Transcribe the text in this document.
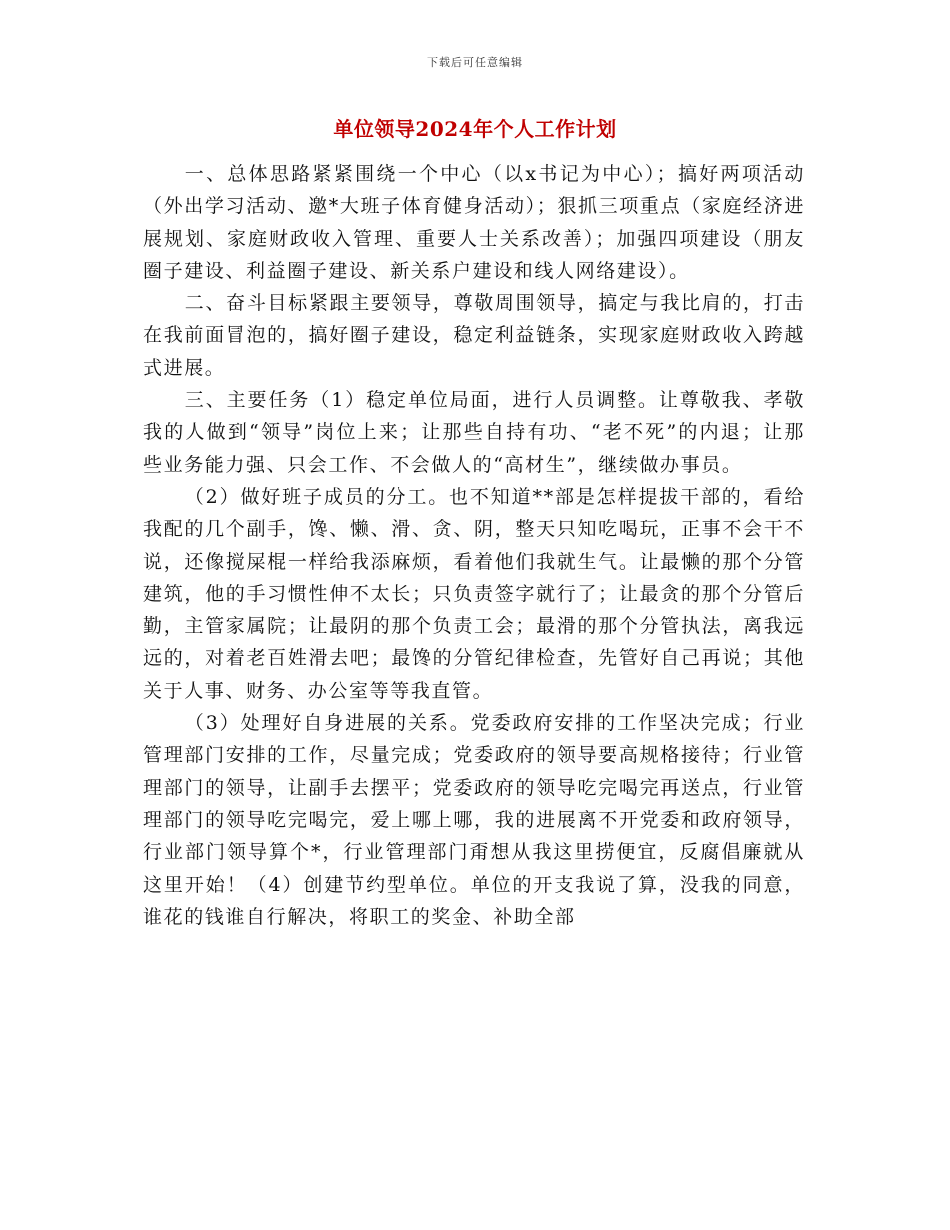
下载后可任意编辑
单位领导2024年个人工作计划

一、总体思路紧紧围绕一个中心（以x书记为中心）；搞好两项活动（外出学习活动、邀*大班子体育健身活动）；狠抓三项重点（家庭经济进展规划、家庭财政收入管理、重要人士关系改善）；加强四项建设（朋友圈子建设、利益圈子建设、新关系户建设和线人网络建设）。

二、奋斗目标紧跟主要领导，尊敬周围领导，搞定与我比肩的，打击在我前面冒泡的，搞好圈子建设，稳定利益链条，实现家庭财政收入跨越式进展。

三、主要任务（1）稳定单位局面，进行人员调整。让尊敬我、孝敬我的人做到“领导”岗位上来；让那些自持有功、“老不死”的内退；让那些业务能力强、只会工作、不会做人的“高材生”，继续做办事员。

（2）做好班子成员的分工。也不知道**部是怎样提拔干部的，看给我配的几个副手，馋、懒、滑、贪、阴，整天只知吃喝玩，正事不会干不说，还像搅屎棍一样给我添麻烦，看着他们我就生气。让最懒的那个分管建筑，他的手习惯性伸不太长；只负责签字就行了；让最贪的那个分管后勤，主管家属院；让最阴的那个负责工会；最滑的那个分管执法，离我远远的，对着老百姓滑去吧；最馋的分管纪律检查，先管好自己再说；其他关于人事、财务、办公室等等我直管。

（3）处理好自身进展的关系。党委政府安排的工作坚决完成；行业管理部门安排的工作，尽量完成；党委政府的领导要高规格接待；行业管理部门的领导，让副手去摆平；党委政府的领导吃完喝完再送点，行业管理部门的领导吃完喝完，爱上哪上哪，我的进展离不开党委和政府领导，行业部门领导算个*，行业管理部门甭想从我这里捞便宜，反腐倡廉就从这里开始！（4）创建节约型单位。单位的开支我说了算，没我的同意，谁花的钱谁自行解决，将职工的奖金、补助全部
